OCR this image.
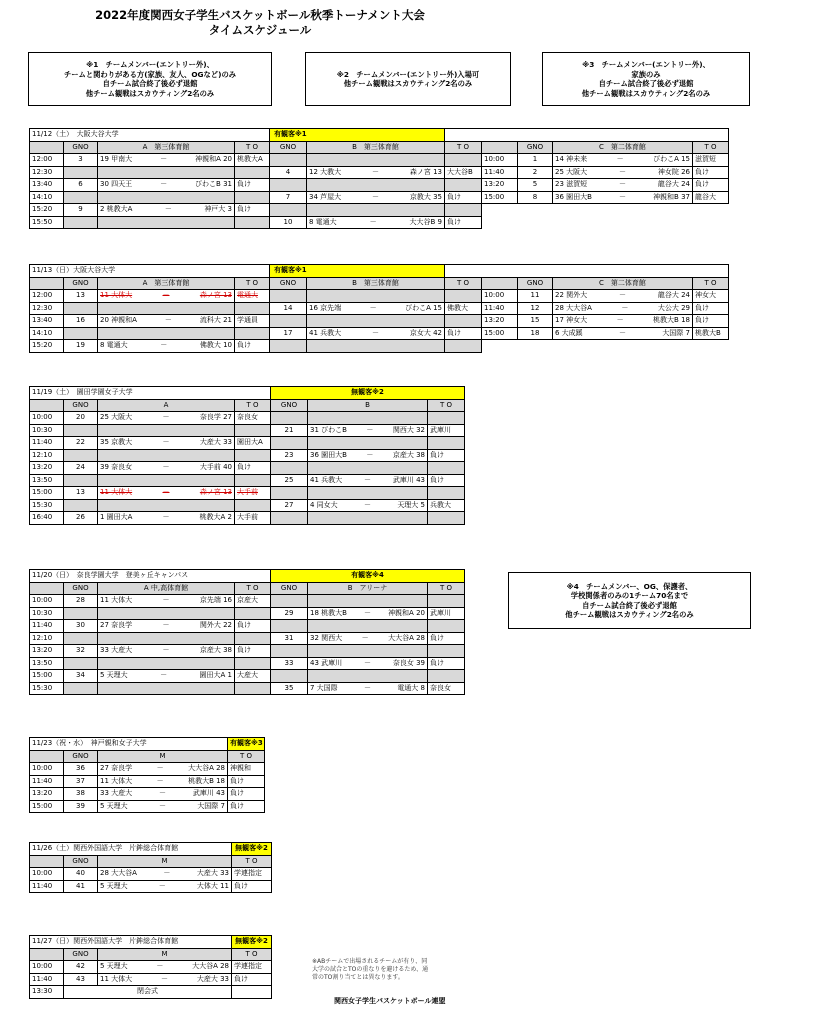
2022年度関西女子学生バスケットボール秋季トーナメント大会
タイムスケジュール
※1　チームメンバー(エントリー外)、
チームと関わりがある方(家族、友人、OGなど)のみ
自チーム試合終了後必ず退館
他チーム観戦はスカウティング2名のみ
※2　チームメンバー(エントリー外)入場可
他チーム観戦はスカウティング2名のみ
※3　チームメンバー(エントリー外)、
家族のみ
自チーム試合終了後必ず退館
他チーム観戦はスカウティング2名のみ
※4　チームメンバー、OG、保護者、
学校関係者のみの1チーム70名まで
自チーム試合終了後必ず退館
他チーム観戦はスカウティング2名のみ
11/12（土）　大阪大谷大学				有観客※1						
	GNO	A　第三体育館	T O	GNO	B　第三体育館	T O		GNO	C　第二体育館	T O
12:00	3	19 甲南大 － 神親和A 20	桃教大A				10:00	1	14 神未来 － びわこA 15	滋賀短
12:30				4	12 大教大 － 森ノ宮 13	大大谷B	11:40	2	25 大阪大 － 神女院 26	負け
13:40	6	30 四天王 － びわこB 31	負け				13:20	5	23 滋賀短 － 龍谷大 24	負け
14:10				7	34 芦屋大 － 京教大 35	負け	15:00	8	36 園田大B － 神親和B 37	龍谷大
15:20	9	2 桃教大A － 神戸大 3	負け							
15:50				10	8 電通大 － 大大谷B 9	負け				
11/13（日）大阪大谷大学				有観客※1						
	GNO	A　第三体育館	T O	GNO	B　第三体育館	T O		GNO	C　第二体育館	T O
12:00	13	11 大体大 － 森ノ宮 13	電通大				10:00	11	22 関外大 － 龍谷大 24	神女大
12:30				14	16 京先端 － びわこA 15	佛教大	11:40	12	28 大大谷A － 大公大 29	負け
13:40	16	20 神親和A － 流科大 21	学通員				13:20	15	17 神女大 － 桃教大B 18	負け
14:10				17	41 兵教大 － 京女大 42	負け	15:00	18	6 大成蹊 － 大国際 7	桃教大B
15:20	19	8 電通大 － 佛教大 10	負け							
11/19（土）　園田学園女子大学				無観客※2		
	GNO	A	T O	GNO	B	T O
10:00	20	25 大阪大 － 奈良学 27	奈良女			
10:30				21	31 びわこB － 関西大 32	武庫川
11:40	22	35 京教大 － 大産大 33	園田大A			
12:10				23	36 園田大B － 京産大 38	負け
13:20	24	39 奈良女 － 大手前 40	負け			
13:50				25	41 兵教大 － 武庫川 43	負け
15:00	13	11 大体大 － 森ノ宮 13	大手前			
15:30				27	4 同女大 － 天理大 5	兵教大
16:40	26	1 園田大A － 桃教大A 2	大手前			
11/20（日）　奈良学園大学　登美ヶ丘キャンパス				有観客※4		
	GNO	A 中,高体育館	T O	GNO	B　アリーナ	T O
10:00	28	11 大体大 － 京先端 16	京産大			
10:30				29	18 桃教大B － 神親和A 20	武庫川
11:40	30	27 奈良学 － 関外大 22	負け			
12:10				31	32 関西大 － 大大谷A 28	負け
13:20	32	33 大産大 － 京産大 38	負け			
13:50				33	43 武庫川 － 奈良女 39	負け
15:00	34	5 天理大 － 園田大A 1	大産大			
15:30				35	7 大国際 － 電通大 8	奈良女
11/23（祝・水）　神戸親和女子大学			有観客※3
	GNO	M	T O
10:00	36	27 奈良学 － 大大谷A 28	神親和
11:40	37	11 大体大 － 桃教大B 18	負け
13:20	38	33 大産大 － 武庫川 43	負け
15:00	39	5 天理大 － 大国際 7	負け
11/26（土）関西外国語大学　片鉾総合体育館			無観客※2
	GNO	M	T O
10:00	40	28 大大谷A － 大産大 33	学連指定
11:40	41	5 天理大 － 大体大 11	負け
11/27（日）関西外国語大学　片鉾総合体育館			無観客※2
	GNO	M	T O
10:00	42	5 天理大 － 大大谷A 28	学連指定
11:40	43	11 大体大 － 大産大 33	負け
13:30	閉会式		
※ABチームで出場されるチームが有り、同
大学の試合とTOの重なりを避けるため、通
常のTO割り当てとは異なります。
関西女子学生バスケットボール連盟
